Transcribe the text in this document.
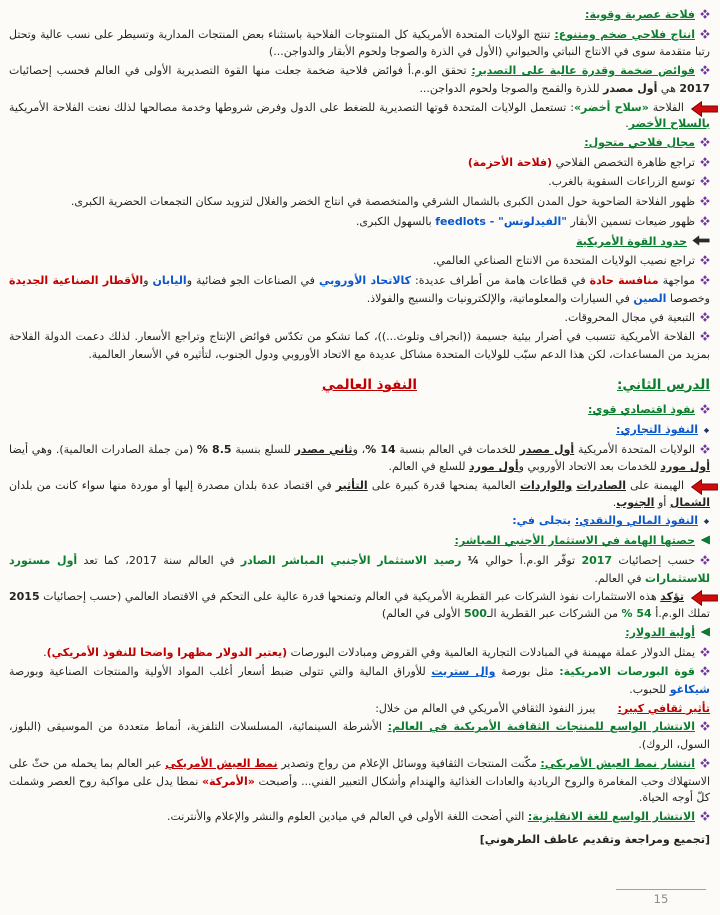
فلاحة عصرية وقوية:
انتاج فلاحي ضخم ومتنوع: تنتج الولايات المتحدة الأمريكية كل المنتوجات الفلاحية باستثناء بعض المنتجات المدارية وتسيطر على نسب عالية وتحتل رتبا متقدمة سوى في الانتاج النباتي والحيواني (الأول في الذرة والصوجا ولحوم الأبقار والدواجن...)
فوائض ضخمة وقدرة عالية على التصدير: تحقق الو.م.أ فوائض فلاحية ضخمة جعلت منها القوة التصديرية الأولى في العالم فحسب إحصائيات 2017 هي أول مصدر للذرة والقمح والصوجا ولحوم الدواجن...
الفلاحة «سلاح أخضر»: تستعمل الولايات المتحدة قوتها التصديرية للضغط على الدول وفرض شروطها وخدمة مصالحها لذلك نعتت الفلاحة الأمريكية بالسلاح الأخضر.
مجال فلاحي متحول:
تراجع ظاهرة التخصص الفلاحي (فلاحة الأحزمة)
توسع الزراعات السقوية بالغرب.
ظهور الفلاحة الضاحوية حول المدن الكبرى بالشمال الشرقي والمتخصصة في انتاج الخضر والغلال لتزويد سكان التجمعات الحضرية الكبرى.
ظهور ضيعات تسمين الأبقار "الفيدلوتس" - feedlots بالسهول الكبرى.
حدود القوة الأمريكية
تراجع نصيب الولايات المتحدة من الانتاج الصناعي العالمي.
مواجهة منافسة حادة في قطاعات هامة من أطراف عديدة: كالاتحاد الأوروبي في الصناعات الجو فضائية واليابان والأقطار الصناعية الجديدة وخصوصا الصين في السيارات والمعلوماتية، والإلكترونيات والنسيج والفولاذ.
التبعية في مجال المحروقات.
الفلاحة الأمريكية تتسبب في أضرار بيئية جسيمة ((انجراف وتلوث...))، كما تشكو من تكدّس فوائض الإنتاج وتراجع الأسعار. لذلك دعمت الدولة الفلاحة بمزيد من المساعدات، لكن هذا الدعم سبّب للولايات المتحدة مشاكل عديدة مع الاتحاد الأوروبي ودول الجنوب، لتأثيره في الأسعار العالمية.
الدرس الثاني:النفوذ العالمي
نفوذ اقتصادي قوي:
النفوذ التجاري:
الولايات المتحدة الأمريكية أول مصدر للخدمات في العالم بنسبة 14 %، وثاني مصدر للسلع بنسبة 8.5 % (من جملة الصادرات العالمية). وهي أيضا أول مورد للخدمات بعد الاتحاد الأوروبي وأول مورد للسلع في العالم.
الهيمنة على الصادرات والواردات العالمية يمنحها قدرة كبيرة على التأثير في اقتصاد عدة بلدان مصدرة إليها أو موردة منها سواء كانت من بلدان الشمال أو الجنوب.
النفوذ المالي والنقدي: يتجلى في:
حصتها الهامة في الاستثمار الأجنبي المباشر:
حسب إحصائيات 2017 توفّر الو.م.أ حوالي ¼ رصيد الاستثمار الأجنبي المباشر الصادر في العالم سنة 2017، كما تعد أول مستورد للاستثمارات في العالم.
تؤكد هذه الاستثمارات نفوذ الشركات عبر القطرية الأمريكية في العالم وتمنحها قدرة عالية على التحكم في الاقتصاد العالمي (حسب إحصائيات 2015 تملك الو.م.أ 54 % من الشركات عبر القطرية الـ500 الأولى في العالم)
أولية الدولار:
يمثل الدولار عملة مهيمنة في المبادلات التجارية العالمية وفي القروض ومبادلات البورصات (يعتبر الدولار مظهرا واضحا للنفوذ الأمريكي).
قوة البورصات الامريكية: مثل بورصة وال ستريت للأوراق المالية والتي تتولى ضبط أسعار أغلب المواد الأولية والمنتجات الصناعية وبورصة شيكاغو للحبوب.
تأثير ثقافي كبير:يبرز النفوذ الثقافي الأمريكي في العالم من خلال:
الانتشار الواسع للمنتجات الثقافية الأمريكية في العالم: الأشرطة السينمائية، المسلسلات التلفزية، أنماط متعددة من الموسيقى (البلوز، السول، الروك).
انتشار نمط العيش الأمريكي: مكّنت المنتجات الثقافية ووسائل الإعلام من رواج وتصدير نمط العيش الأمريكي عبر العالم بما يحمله من حثّ على الاستهلاك وحب المغامرة والروح الريادية والعادات الغذائية والهندام وأشكال التعبير الفني... وأصبحت «الأمركة» نمطا يدل على مواكبة روح العصر وشملت كلّ أوجه الحياة.
الانتشار الواسع للغة الانقليزية: التي أضحت اللغة الأولى في العالم في ميادين العلوم والنشر والإعلام والأنترنت.
[تجميع ومراجعة وتقديم عاطف الطرهوني]
15
